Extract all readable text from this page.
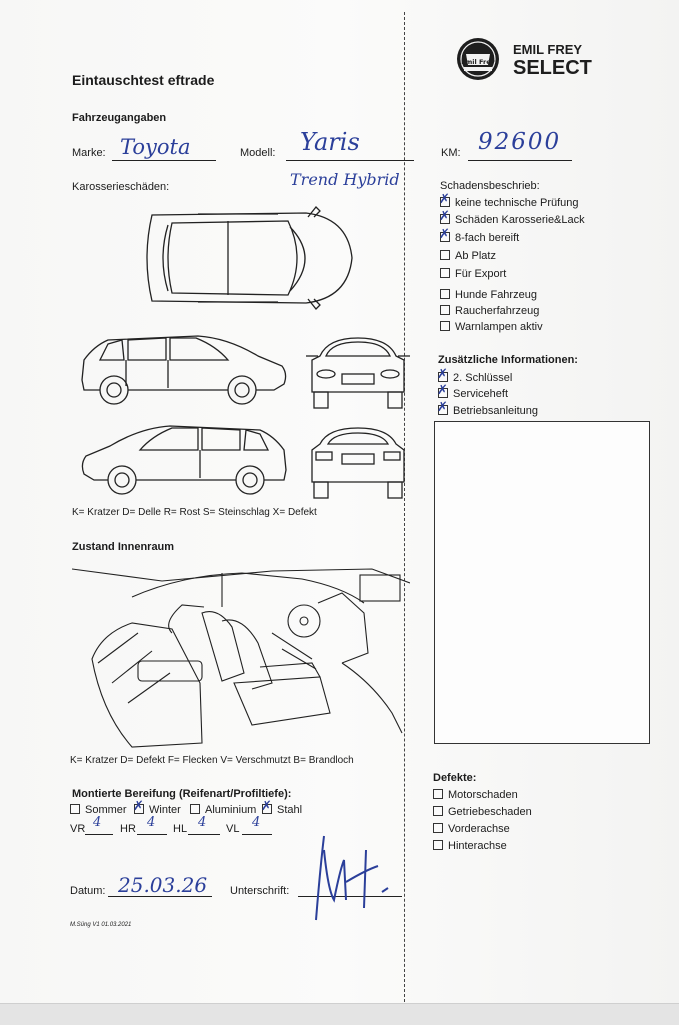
Emil Frey
EMIL FREY
SELECT
Eintauschtest eftrade
Fahrzeugangaben
Marke: Toyota	Modell: Yaris
Trend Hybrid
KM: 92600
Karosserieschäden:
K= Kratzer D= Delle R= Rost S= Steinschlag X= Defekt
Zustand Innenraum
K= Kratzer D= Defekt F= Flecken V= Verschmutzt B= Brandloch
Montierte Bereifung (Reifenart/Profiltiefe):
Sommer ✗	Winter	Aluminium ✗	Stahl
VR 4 HR 4 HL 4 VL 4
Datum: 25.03.26 Unterschrift:
M.Süng V1 01.03.2021
Schadensbeschrieb:
✗keine technische Prüfung
✗Schäden Karosserie&Lack
✗8-fach bereift
Ab Platz
Für Export
Hunde Fahrzeug
Raucherfahrzeug
Warnlampen aktiv
Zusätzliche Informationen:
✗2. Schlüssel
✗Serviceheft
✗Betriebsanleitung
Defekte:
Motorschaden
Getriebeschaden
Vorderachse
Hinterachse
